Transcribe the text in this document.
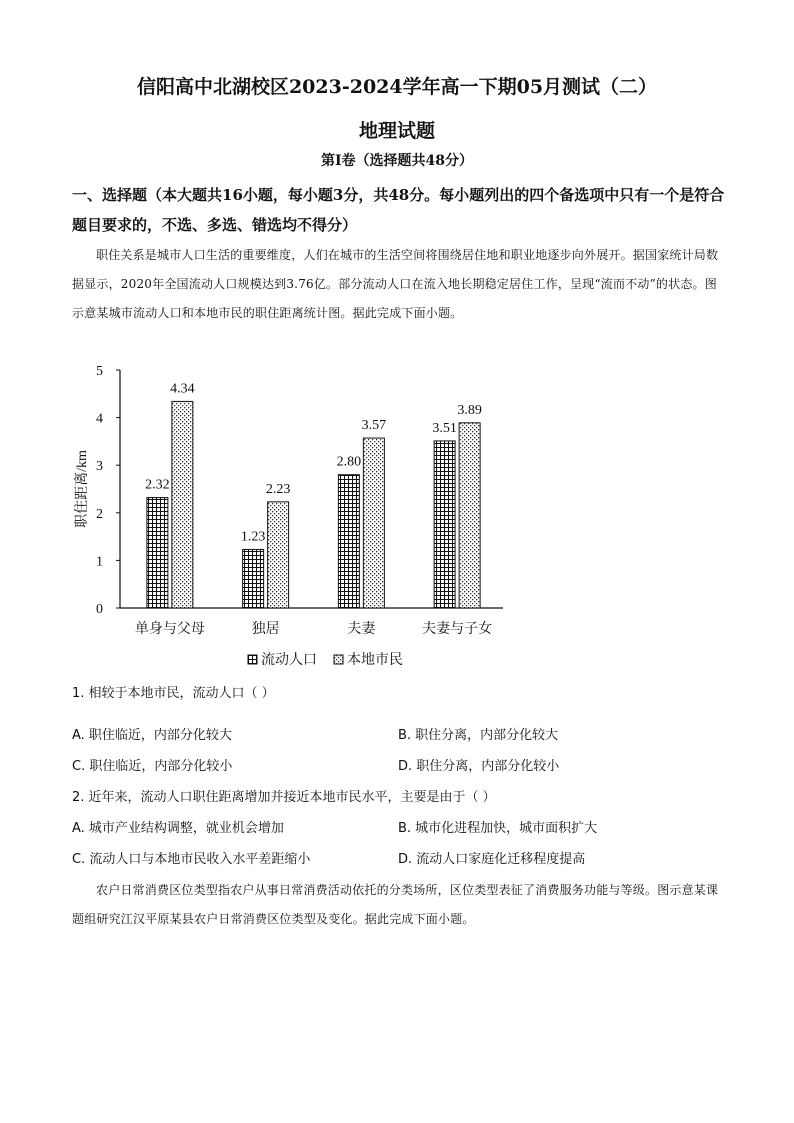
信阳高中北湖校区2023-2024学年高一下期05月测试（二）
地理试题
第Ⅰ卷（选择题共48分）
一、选择题（本大题共16小题，每小题3分，共48分。每小题列出的四个备选项中只有一个是符合题目要求的，不选、多选、错选均不得分）
职住关系是城市人口生活的重要维度，人们在城市的生活空间将围绕居住地和职业地逐步向外展开。据国家统计局数据显示，2020年全国流动人口规模达到3.76亿。部分流动人口在流入地长期稳定居住工作，呈现“流而不动”的状态。图示意某城市流动人口和本地市民的职住距离统计图。据此完成下面小题。
0
1
2
3
4
5
职住距离/km	2.32
4.34
单身与父母
1.23
2.23
独居
2.80
3.57
夫妻
3.51
3.89
夫妻与子女
流动人口 本地市民
1. 相较于本地市民，流动人口（ ）
A. 职住临近，内部分化较大	B. 职住分离，内部分化较大
C. 职住临近，内部分化较小	D. 职住分离，内部分化较小
2. 近年来，流动人口职住距离增加并接近本地市民水平，主要是由于（ ）
A. 城市产业结构调整，就业机会增加	B. 城市化进程加快，城市面积扩大
C. 流动人口与本地市民收入水平差距缩小	D. 流动人口家庭化迁移程度提高
农户日常消费区位类型指农户从事日常消费活动依托的分类场所，区位类型表征了消费服务功能与等级。图示意某课题组研究江汉平原某县农户日常消费区位类型及变化。据此完成下面小题。
